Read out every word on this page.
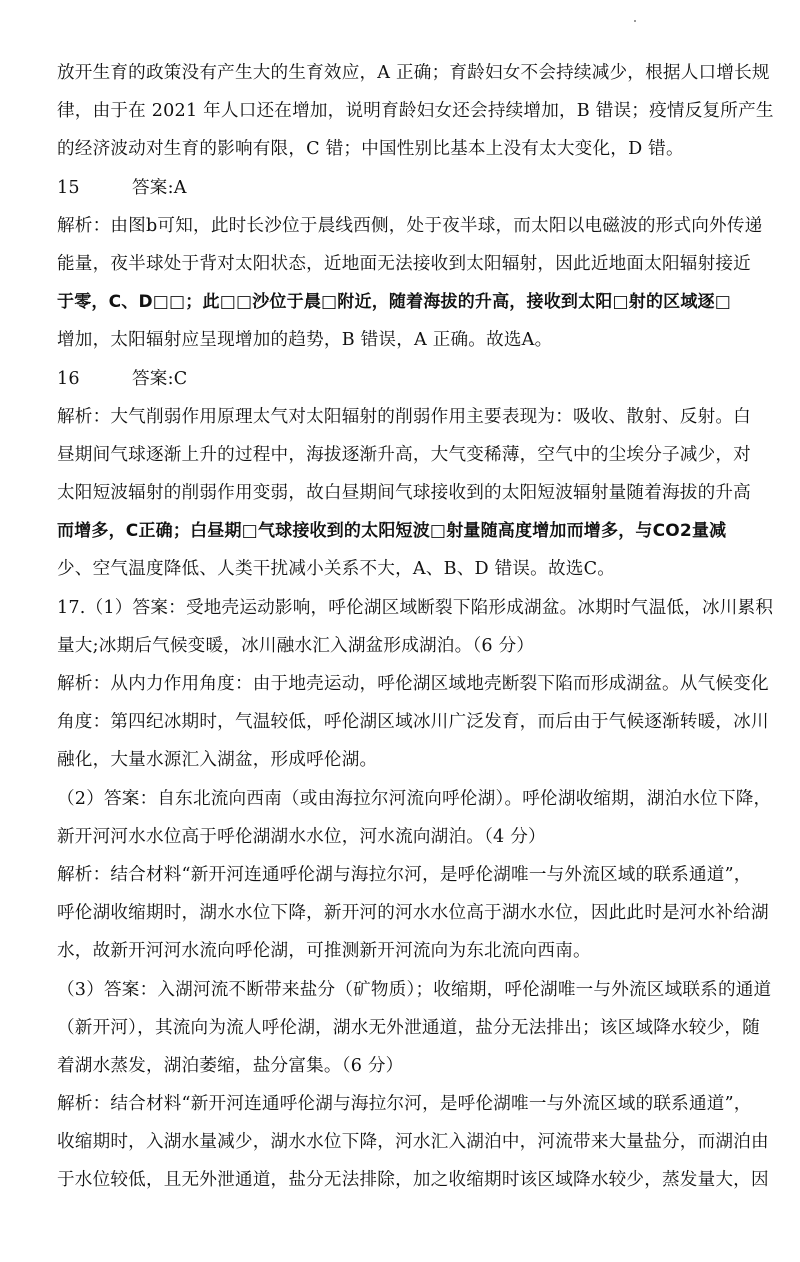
放开生育的政策没有产生大的生育效应，A 正确；育龄妇女不会持续减少，根据人口增长规
律，由于在 2021 年人口还在增加，说明育龄妇女还会持续增加，B 错误；疫情反复所产生
的经济波动对生育的影响有限，C 错；中国性别比基本上没有太大变化，D 错。
15	答案:A
解析：由图b可知，此时长沙位于晨线西侧，处于夜半球，而太阳以电磁波的形式向外传递
能量，夜半球处于背对太阳状态，近地面无法接收到太阳辐射，因此近地面太阳辐射接近
于零，C、D□□；此□□沙位于晨□附近，随着海拔的升高，接收到太阳□射的区域逐□
增加，太阳辐射应呈现增加的趋势，B 错误，A 正确。故选A。
16	答案:C
解析：大气削弱作用原理太气对太阳辐射的削弱作用主要表现为：吸收、散射、反射。白
昼期间气球逐渐上升的过程中，海拔逐渐升高，大气变稀薄，空气中的尘埃分子减少，对
太阳短波辐射的削弱作用变弱，故白昼期间气球接收到的太阳短波辐射量随着海拔的升高
而增多，C正确；白昼期□气球接收到的太阳短波□射量随高度增加而增多，与CO2量减
少、空气温度降低、人类干扰减小关系不大，A、B、D 错误。故选C。
17.（1）答案：受地壳运动影响，呼伦湖区域断裂下陷形成湖盆。冰期时气温低，冰川累积
量大;冰期后气候变暖，冰川融水汇入湖盆形成湖泊。（6 分）
解析：从内力作用角度：由于地壳运动，呼伦湖区域地壳断裂下陷而形成湖盆。从气候变化
角度：第四纪冰期时，气温较低，呼伦湖区域冰川广泛发育，而后由于气候逐渐转暖，冰川
融化，大量水源汇入湖盆，形成呼伦湖。
（2）答案：自东北流向西南（或由海拉尔河流向呼伦湖）。呼伦湖收缩期，湖泊水位下降，
新开河河水水位高于呼伦湖湖水水位，河水流向湖泊。（4 分）
解析：结合材料“新开河连通呼伦湖与海拉尔河，是呼伦湖唯一与外流区域的联系通道”，
呼伦湖收缩期时，湖水水位下降，新开河的河水水位高于湖水水位，因此此时是河水补给湖
水，故新开河河水流向呼伦湖，可推测新开河流向为东北流向西南。
（3）答案：入湖河流不断带来盐分（矿物质）；收缩期，呼伦湖唯一与外流区域联系的通道
（新开河），其流向为流人呼伦湖，湖水无外泄通道，盐分无法排出；该区域降水较少，随
着湖水蒸发，湖泊萎缩，盐分富集。（6 分）
解析：结合材料“新开河连通呼伦湖与海拉尔河，是呼伦湖唯一与外流区域的联系通道”，
收缩期时，入湖水量减少，湖水水位下降，河水汇入湖泊中，河流带来大量盐分，而湖泊由
于水位较低，且无外泄通道，盐分无法排除，加之收缩期时该区域降水较少，蒸发量大，因
